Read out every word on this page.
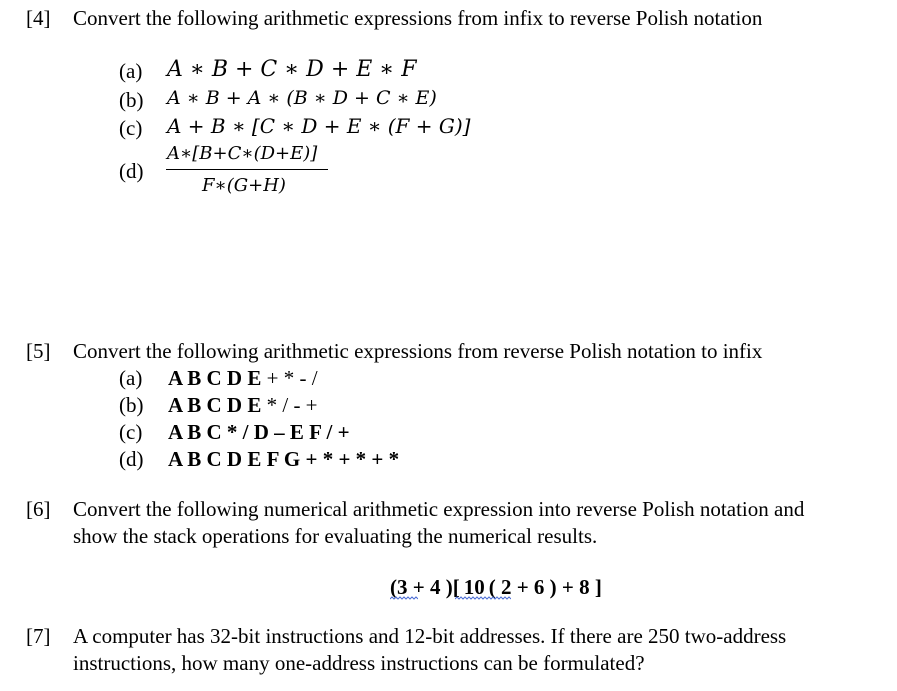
[4] Convert the following arithmetic expressions from infix to reverse Polish notation
(a) A ∗ B + C ∗ D + E ∗ F
(b) A ∗ B + A ∗ (B ∗ D + C ∗ E)
(c) A + B ∗ [C ∗ D + E ∗ (F + G)]
(d)
A∗[B+C∗(D+E)]
F∗(G+H)
[5] Convert the following arithmetic expressions from reverse Polish notation to infix
(a) A B C D E + * - /
(b) A B C D E * / - +
(c) A B C * / D – E F / +
(d) A B C D E F G + * + * + *
[6] Convert the following numerical arithmetic expression into reverse Polish notation and
show the stack operations for evaluating the numerical results.
(3 + 4 )[ 10 ( 2 + 6 ) + 8 ]
[7] A computer has 32-bit instructions and 12-bit addresses. If there are 250 two-address
instructions, how many one-address instructions can be formulated?
